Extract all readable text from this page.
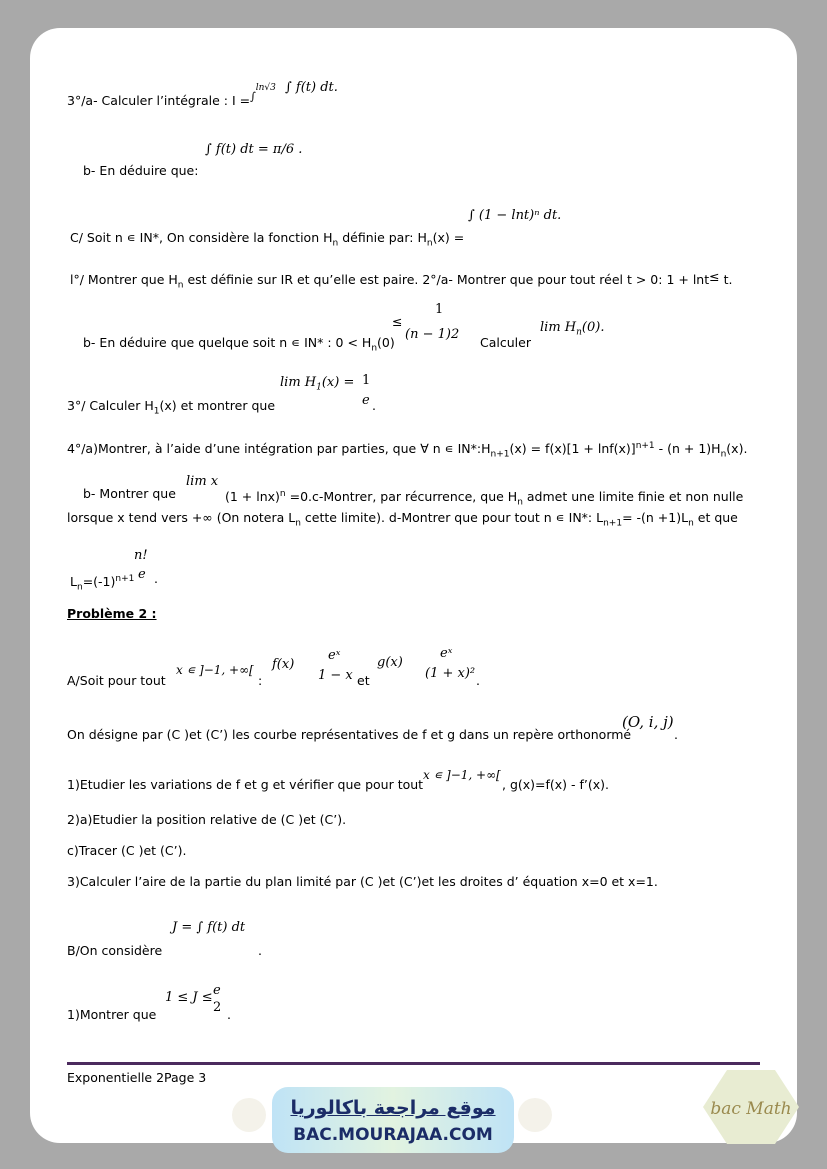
3°/a- Calculer l’intégrale : I = ∫$^{ln√3}$ ∫ f(t) dt.
∫ f(t) dt = π/6 .
b- En déduire que:
∫ (1 − lnt)ⁿ dt.
C/ Soit n ∊ IN*, On considère la fonction $H_n$ définie par: $H_n(x)$ =
l°/ Montrer que $H_n$ est définie sur IR et qu’elle est paire. 2°/a- Montrer que pour tout réel t > 0: 1 + lnt≤ t.
1
≤
(n − 1)2
b- En déduire que quelque soit n ∊ IN* : $0 < H_n(0)$	Calculer
$\lim H_n(0)$.
$\lim H_1(x) = 1$
e
3°/ Calculer $H_1(x)$ et montrer que	.
4°/a)Montrer, à l’aide d’une intégration par parties, que ∀ n ∊ $IN*:H_{n+1}(x) = f(x)[1 + \ln f(x)]^{n+1} - (n + 1)H_n(x)$.
lim x
b- Montrer que	$(1 + \ln x)^n$ =0.c-Montrer, par récurrence, que $H_n$ admet une limite finie et non nulle
lorsque x tend vers +∞ (On notera $L_n$ cette limite). d-Montrer que pour tout n ∊ IN*: $L_{n+1}= -(n +1)L_n$ et que
n!
e
$L_n=(-1)^{n+1}$ .
Problème 2 :
x ∊ ]−1, +∞[ f(x)
eˣ
1 − x
g(x)
eˣ
(1 + x)²
A/Soit pour tout	:	et	.
On désigne par (C )et (C’) les courbe représentatives de f et g dans un repère orthonormé
(O, i, j)
.
x ∊ ]−1, +∞[
1)Etudier les variations de f et g et vérifier que pour tout	, g(x)=f(x) - f’(x).
2)a)Etudier la position relative de (C )et (C’).
c)Tracer (C )et (C’).
3)Calculer l’aire de la partie du plan limité par (C )et (C’)et les droites d’ équation x=0 et x=1.
J = ∫ f(t) dt
B/On considère	.
1 ≤ J ≤ e
2
1)Montrer que	.
Exponentielle 2Page 3
موقع مراجعة باكالوريا
BAC.MOURAJAA.COM
bac Math
